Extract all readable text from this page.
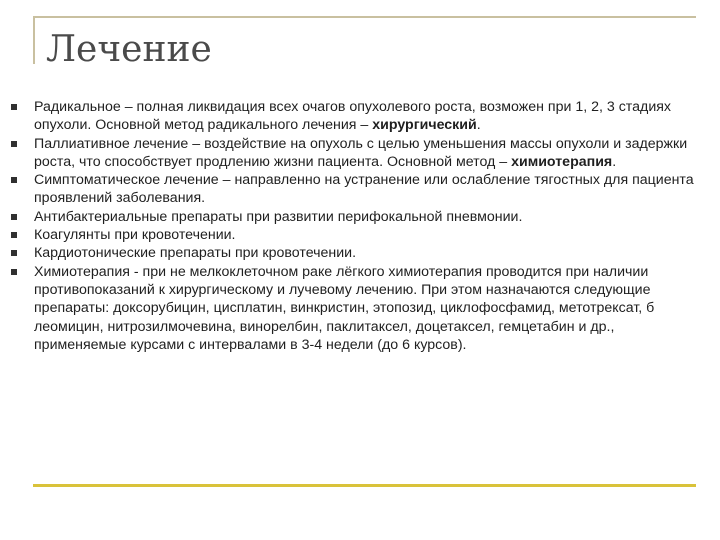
Лечение
Радикальное – полная ликвидация всех очагов опухолевого роста, возможен при 1, 2, 3 стадиях опухоли. Основной метод радикального лечения – хирургический.
Паллиативное лечение – воздействие на опухоль с целью уменьшения массы опухоли и задержки роста, что способствует продлению жизни пациента. Основной метод – химиотерапия.
Симптоматическое лечение – направленно на устранение или ослабление тягостных для пациента проявлений заболевания.
Антибактериальные препараты при развитии перифокальной пневмонии.
Коагулянты при кровотечении.
Кардиотонические препараты при кровотечении.
Химиотерапия - при не мелкоклеточном раке лёгкого химиотерапия проводится при наличии противопоказаний к хирургическому и лучевому лечению. При этом назначаются следующие препараты: доксорубицин, цисплатин, винкристин, этопозид, циклофосфамид, метотрексат, б леомицин, нитрозилмочевина, винорелбин, паклитаксел, доцетаксел, гемцетабин и др., применяемые курсами с интервалами в 3-4 недели (до 6 курсов).
